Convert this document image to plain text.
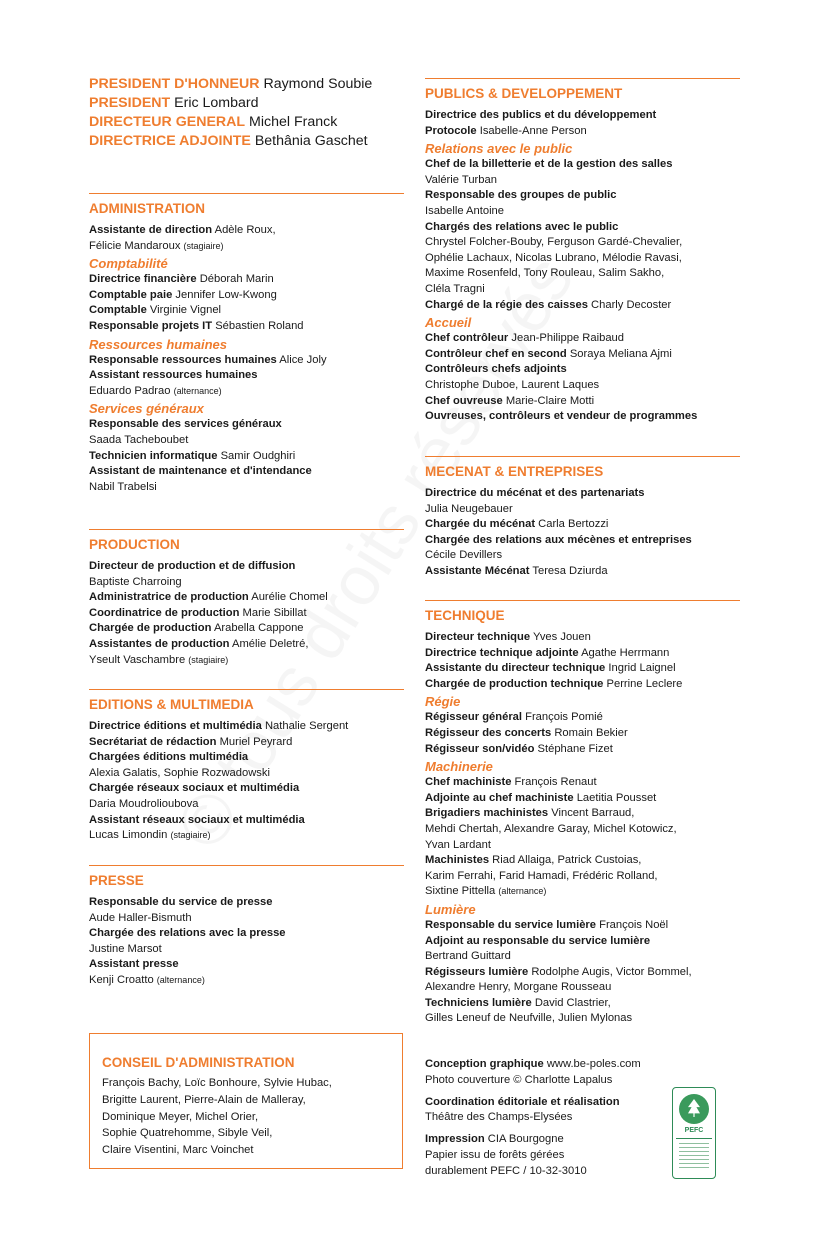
PRESIDENT D'HONNEUR Raymond Soubie
PRESIDENT Eric Lombard
DIRECTEUR GENERAL Michel Franck
DIRECTRICE ADJOINTE Bethânia Gaschet
ADMINISTRATION
Assistante de direction Adèle Roux,
Félicie Mandaroux (stagiaire)
Comptabilité
Directrice financière Déborah Marin
Comptable paie Jennifer Low-Kwong
Comptable Virginie Vignel
Responsable projets IT Sébastien Roland
Ressources humaines
Responsable ressources humaines Alice Joly
Assistant ressources humaines
Eduardo Padrao (alternance)
Services généraux
Responsable des services généraux
Saada Tacheboubet
Technicien informatique Samir Oudghiri
Assistant de maintenance et d'intendance
Nabil Trabelsi
PRODUCTION
Directeur de production et de diffusion
Baptiste Charroing
Administratrice de production Aurélie Chomel
Coordinatrice de production Marie Sibillat
Chargée de production Arabella Cappone
Assistantes de production Amélie Deletré,
Yseult Vaschambre (stagiaire)
EDITIONS & MULTIMEDIA
Directrice éditions et multimédia Nathalie Sergent
Secrétariat de rédaction Muriel Peyrard
Chargées éditions multimédia
Alexia Galatis, Sophie Rozwadowski
Chargée réseaux sociaux et multimédia
Daria Moudrolioubova
Assistant réseaux sociaux et multimédia
Lucas Limondin (stagiaire)
PRESSE
Responsable du service de presse
Aude Haller-Bismuth
Chargée des relations avec la presse
Justine Marsot
Assistant presse
Kenji Croatto (alternance)
CONSEIL D'ADMINISTRATION
François Bachy, Loïc Bonhoure, Sylvie Hubac,
Brigitte Laurent, Pierre-Alain de Malleray,
Dominique Meyer, Michel Orier,
Sophie Quatrehomme, Sibyle Veil,
Claire Visentini, Marc Voinchet
PUBLICS & DEVELOPPEMENT
Directrice des publics et du développement
Protocole Isabelle-Anne Person
Relations avec le public
Chef de la billetterie et de la gestion des salles
Valérie Turban
Responsable des groupes de public
Isabelle Antoine
Chargés des relations avec le public
Chrystel Folcher-Bouby, Ferguson Gardé-Chevalier,
Ophélie Lachaux, Nicolas Lubrano, Mélodie Ravasi,
Maxime Rosenfeld, Tony Rouleau, Salim Sakho,
Cléla Tragni
Chargé de la régie des caisses Charly Decoster
Accueil
Chef contrôleur Jean-Philippe Raibaud
Contrôleur chef en second Soraya Meliana Ajmi
Contrôleurs chefs adjoints
Christophe Duboe, Laurent Laques
Chef ouvreuse Marie-Claire Motti
Ouvreuses, contrôleurs et vendeur de programmes
MECENAT & ENTREPRISES
Directrice du mécénat et des partenariats
Julia Neugebauer
Chargée du mécénat Carla Bertozzi
Chargée des relations aux mécènes et entreprises
Cécile Devillers
Assistante Mécénat Teresa Dziurda
TECHNIQUE
Directeur technique Yves Jouen
Directrice technique adjointe Agathe Herrmann
Assistante du directeur technique Ingrid Laignel
Chargée de production technique Perrine Leclere
Régie
Régisseur général François Pomié
Régisseur des concerts Romain Bekier
Régisseur son/vidéo Stéphane Fizet
Machinerie
Chef machiniste François Renaut
Adjointe au chef machiniste Laetitia Pousset
Brigadiers machinistes Vincent Barraud,
Mehdi Chertah, Alexandre Garay, Michel Kotowicz,
Yvan Lardant
Machinistes Riad Allaiga, Patrick Custoias,
Karim Ferrahi, Farid Hamadi, Frédéric Rolland,
Sixtine Pittella (alternance)
Lumière
Responsable du service lumière François Noël
Adjoint au responsable du service lumière
Bertrand Guittard
Régisseurs lumière Rodolphe Augis, Victor Bommel,
Alexandre Henry, Morgane Rousseau
Techniciens lumière David Clastrier,
Gilles Leneuf de Neufville, Julien Mylonas
Conception graphique www.be-poles.com
Photo couverture © Charlotte Lapalus
Coordination éditoriale et réalisation
Théâtre des Champs-Elysées
Impression CIA Bourgogne
Papier issu de forêts gérées
durablement PEFC / 10-32-3010
PEFC
